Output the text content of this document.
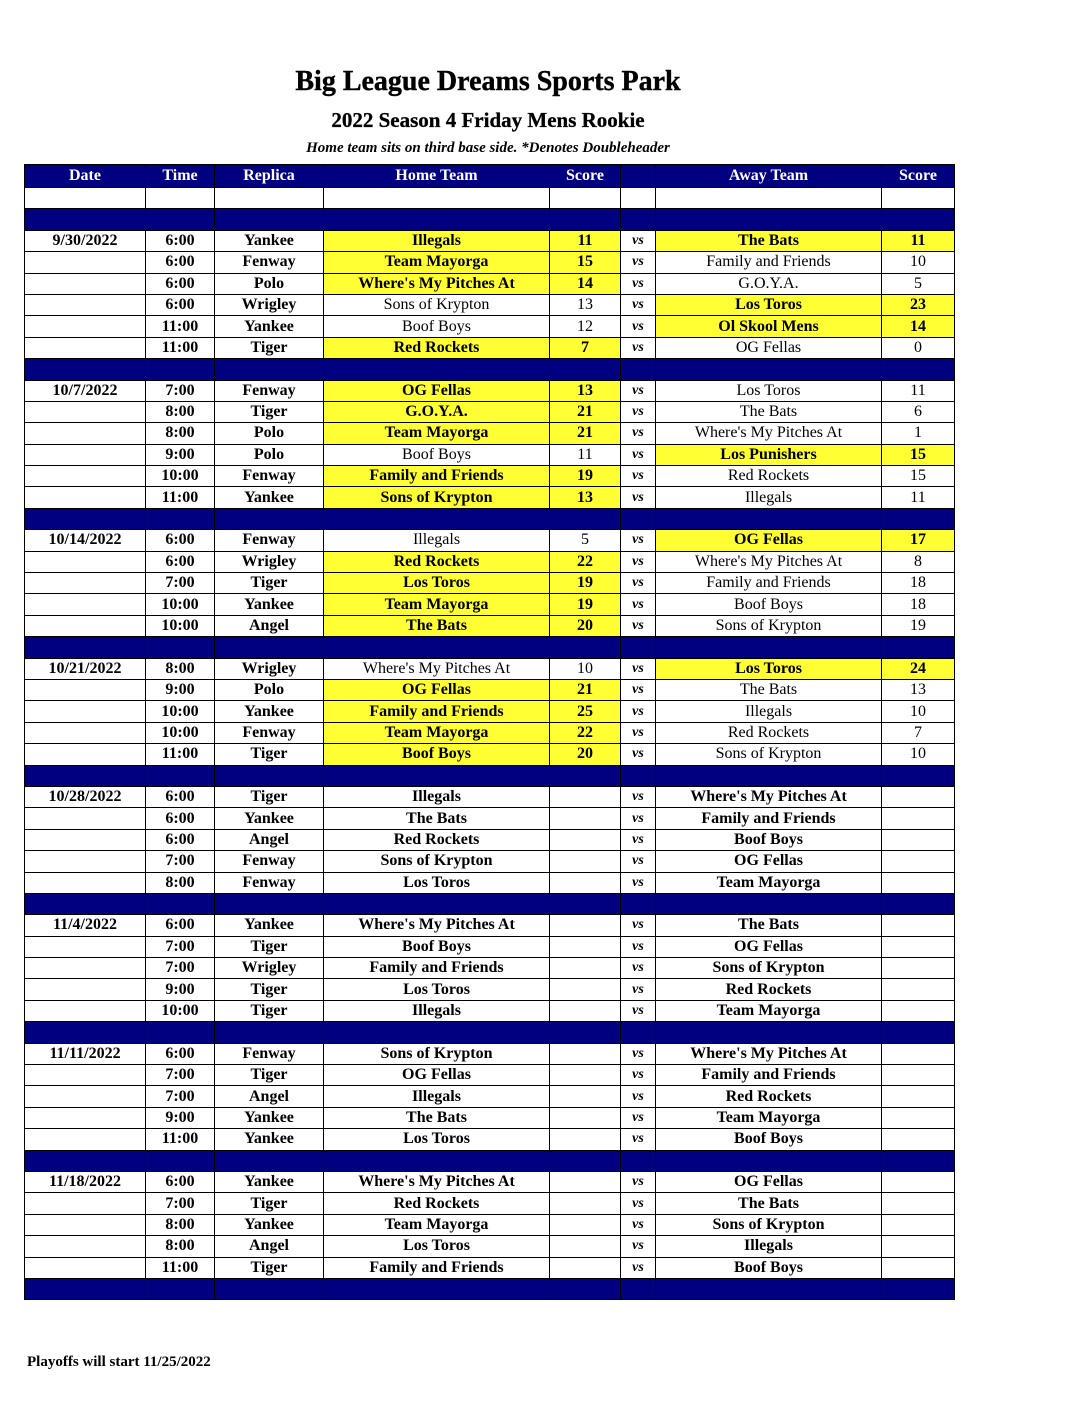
Big League Dreams Sports Park
2022 Season 4 Friday Mens Rookie
Home team sits on third base side. *Denotes Doubleheader
Date	Time	Replica	Home Team	Score		Away Team	Score

9/30/2022	6:00	Yankee	Illegals	11	vs	The Bats	11
	6:00	Fenway	Team Mayorga	15	vs	Family and Friends	10
	6:00	Polo	Where's My Pitches At	14	vs	G.O.Y.A.	5
	6:00	Wrigley	Sons of Krypton	13	vs	Los Toros	23
	11:00	Yankee	Boof Boys	12	vs	Ol Skool Mens	14
	11:00	Tiger	Red Rockets	7	vs	OG Fellas	0

10/7/2022	7:00	Fenway	OG Fellas	13	vs	Los Toros	11
	8:00	Tiger	G.O.Y.A.	21	vs	The Bats	6
	8:00	Polo	Team Mayorga	21	vs	Where's My Pitches At	1
	9:00	Polo	Boof Boys	11	vs	Los Punishers	15
	10:00	Fenway	Family and Friends	19	vs	Red Rockets	15
	11:00	Yankee	Sons of Krypton	13	vs	Illegals	11

10/14/2022	6:00	Fenway	Illegals	5	vs	OG Fellas	17
	6:00	Wrigley	Red Rockets	22	vs	Where's My Pitches At	8
	7:00	Tiger	Los Toros	19	vs	Family and Friends	18
	10:00	Yankee	Team Mayorga	19	vs	Boof Boys	18
	10:00	Angel	The Bats	20	vs	Sons of Krypton	19

10/21/2022	8:00	Wrigley	Where's My Pitches At	10	vs	Los Toros	24
	9:00	Polo	OG Fellas	21	vs	The Bats	13
	10:00	Yankee	Family and Friends	25	vs	Illegals	10
	10:00	Fenway	Team Mayorga	22	vs	Red Rockets	7
	11:00	Tiger	Boof Boys	20	vs	Sons of Krypton	10

10/28/2022	6:00	Tiger	Illegals		vs	Where's My Pitches At	
	6:00	Yankee	The Bats		vs	Family and Friends	
	6:00	Angel	Red Rockets		vs	Boof Boys	
	7:00	Fenway	Sons of Krypton		vs	OG Fellas	
	8:00	Fenway	Los Toros		vs	Team Mayorga	

11/4/2022	6:00	Yankee	Where's My Pitches At		vs	The Bats	
	7:00	Tiger	Boof Boys		vs	OG Fellas	
	7:00	Wrigley	Family and Friends		vs	Sons of Krypton	
	9:00	Tiger	Los Toros		vs	Red Rockets	
	10:00	Tiger	Illegals		vs	Team Mayorga	

11/11/2022	6:00	Fenway	Sons of Krypton		vs	Where's My Pitches At	
	7:00	Tiger	OG Fellas		vs	Family and Friends	
	7:00	Angel	Illegals		vs	Red Rockets	
	9:00	Yankee	The Bats		vs	Team Mayorga	
	11:00	Yankee	Los Toros		vs	Boof Boys	

11/18/2022	6:00	Yankee	Where's My Pitches At		vs	OG Fellas	
	7:00	Tiger	Red Rockets		vs	The Bats	
	8:00	Yankee	Team Mayorga		vs	Sons of Krypton	
	8:00	Angel	Los Toros		vs	Illegals	
	11:00	Tiger	Family and Friends		vs	Boof Boys	

Playoffs will start 11/25/2022
